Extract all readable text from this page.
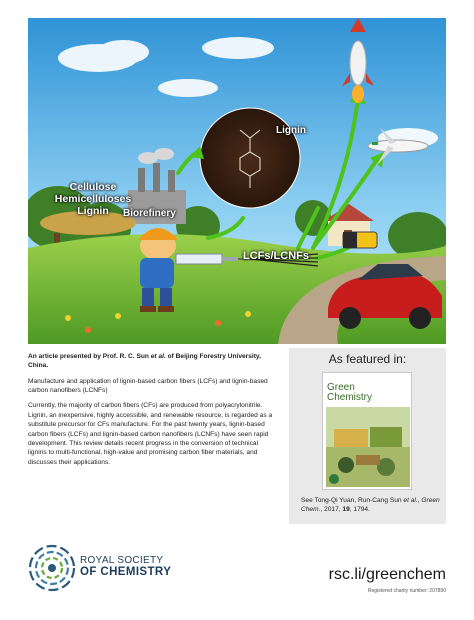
Cellulose
Hemicelluloses
Lignin	Biorefinery
Lignin
LCFs/LCNFs

An article presented by Prof. R. C. Sun et al. of Beijing Forestry University, China.

Manufacture and application of lignin-based carbon fibers (LCFs) and lignin-based carbon nanofibers (LCNFs)

Currently, the majority of carbon fibers (CFs) are produced from polyacrylonitrile. Lignin, an inexpensive, highly accessible, and renewable resource, is regarded as a substitute precursor for CFs manufacture. For the past twenty years, lignin-based carbon fibers (LCFs) and lignin-based carbon nanofibers (LCNFs) have seen rapid development. This review details recent progress in the conversion of technical lignins to multi-functional, high-value and promising carbon fiber materials, and discusses their applications.

As featured in:
Green
Chemistry
See Tong-Qi Yuan, Run-Cang Sun et al., Green Chem., 2017, 19, 1794.
ROYAL SOCIETY
OF CHEMISTRY	rsc.li/greenchem
Registered charity number: 207890
